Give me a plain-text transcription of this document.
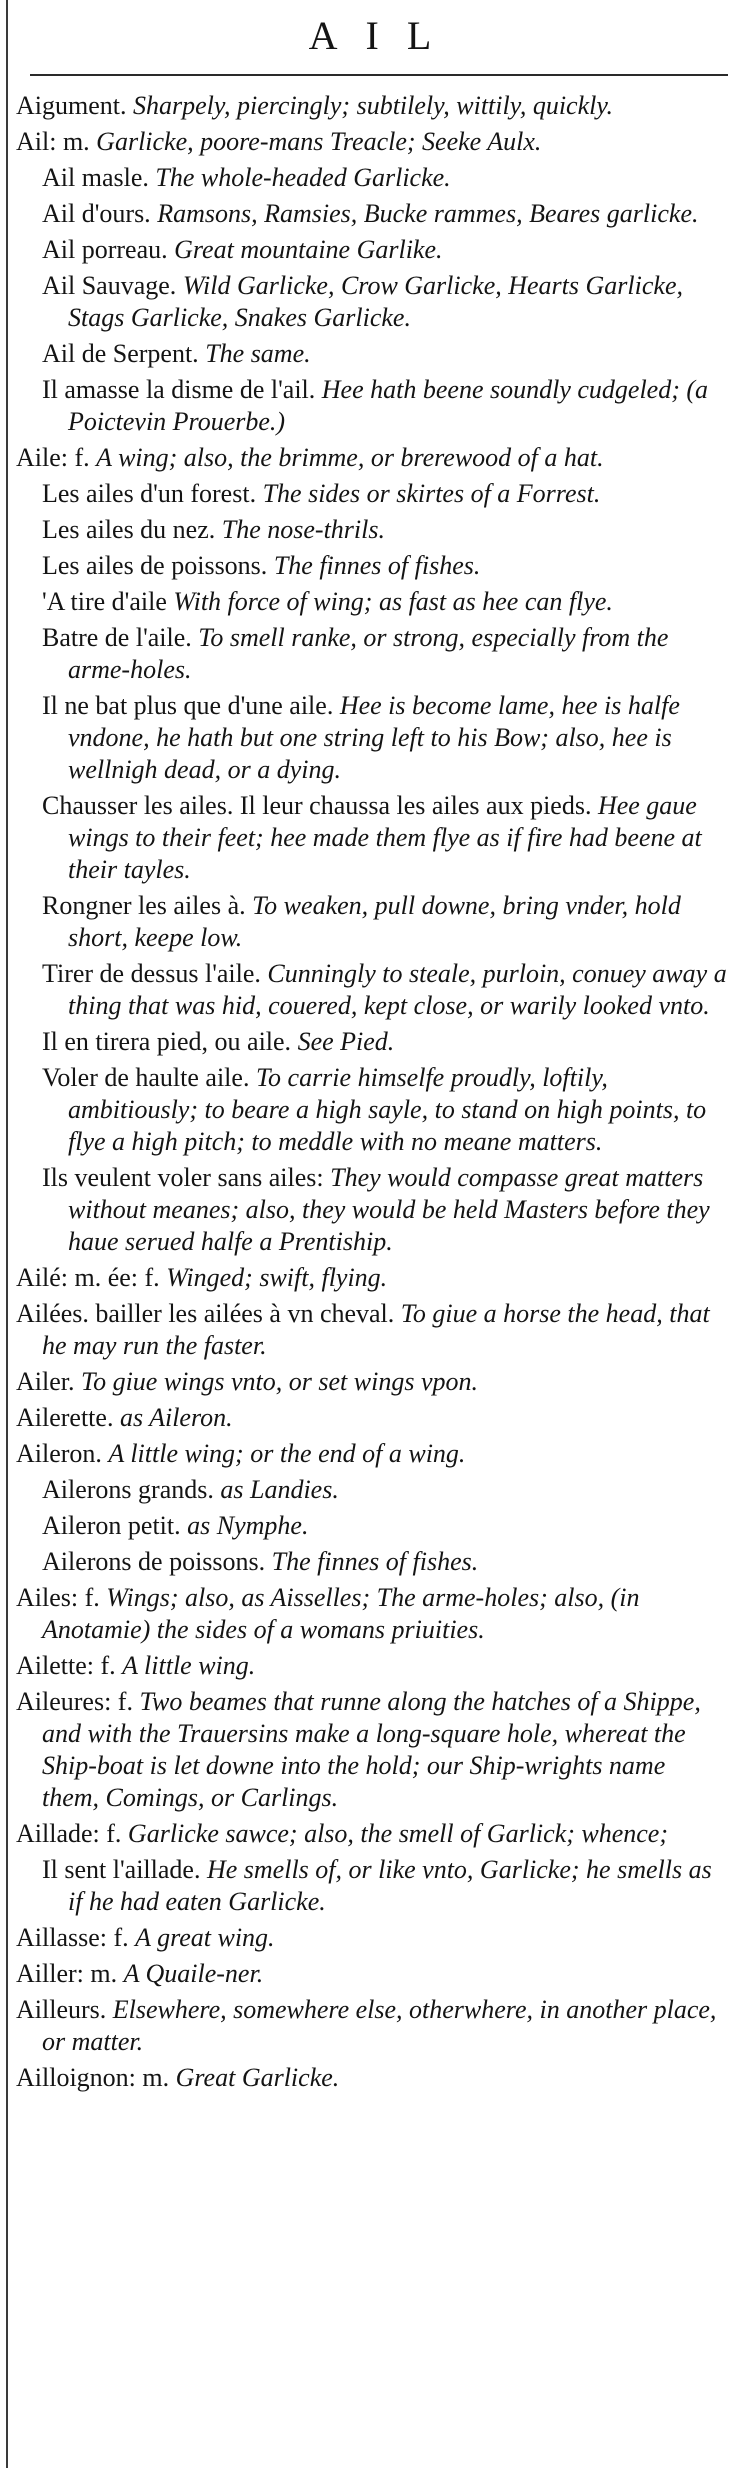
AIL
Aigument. Sharpely, piercingly; subtilely, wittily, quickly.
Ail: m. Garlicke, poore-mans Treacle; Seeke Aulx.
Ail masle. The whole-headed Garlicke.
Ail d'ours. Ramsons, Ramsies, Bucke rammes, Beares garlicke.
Ail porreau. Great mountaine Garlike.
Ail Sauvage. Wild Garlicke, Crow Garlicke, Hearts Garlicke, Stags Garlicke, Snakes Garlicke.
Ail de Serpent. The same.
Il amasse la disme de l'ail. Hee hath beene soundly cudgeled; (a Poictevin Prouerbe.)
Aile: f. A wing; also, the brimme, or brerewood of a hat.
Les ailes d'un forest. The sides or skirtes of a Forrest.
Les ailes du nez. The nose-thrils.
Les ailes de poissons. The finnes of fishes.
'A tire d'aile With force of wing; as fast as hee can flye.
Batre de l'aile. To smell ranke, or strong, especially from the arme-holes.
Il ne bat plus que d'une aile. Hee is become lame, hee is halfe vndone, he hath but one string left to his Bow; also, hee is wellnigh dead, or a dying.
Chausser les ailes. Il leur chaussa les ailes aux pieds. Hee gaue wings to their feet; hee made them flye as if fire had beene at their tayles.
Rongner les ailes à. To weaken, pull downe, bring vnder, hold short, keepe low.
Tirer de dessus l'aile. Cunningly to steale, purloin, conuey away a thing that was hid, couered, kept close, or warily looked vnto.
Il en tirera pied, ou aile. See Pied.
Voler de haulte aile. To carrie himselfe proudly, loftily, ambitiously; to beare a high sayle, to stand on high points, to flye a high pitch; to meddle with no meane matters.
Ils veulent voler sans ailes: They would compasse great matters without meanes; also, they would be held Masters before they haue serued halfe a Prentiship.
Ailé: m. ée: f. Winged; swift, flying.
Ailées. bailler les ailées à vn cheval. To giue a horse the head, that he may run the faster.
Ailer. To giue wings vnto, or set wings vpon.
Ailerette. as Aileron.
Aileron. A little wing; or the end of a wing.
Ailerons grands. as Landies.
Aileron petit. as Nymphe.
Ailerons de poissons. The finnes of fishes.
Ailes: f. Wings; also, as Aisselles; The arme-holes; also, (in Anotamie) the sides of a womans priuities.
Ailette: f. A little wing.
Aileures: f. Two beames that runne along the hatches of a Shippe, and with the Trauersins make a long-square hole, whereat the Ship-boat is let downe into the hold; our Ship-wrights name them, Comings, or Carlings.
Aillade: f. Garlicke sawce; also, the smell of Garlick; whence;
Il sent l'aillade. He smells of, or like vnto, Garlicke; he smells as if he had eaten Garlicke.
Aillasse: f. A great wing.
Ailler: m. A Quaile-ner.
Ailleurs. Elsewhere, somewhere else, otherwhere, in another place, or matter.
Ailloignon: m. Great Garlicke.
